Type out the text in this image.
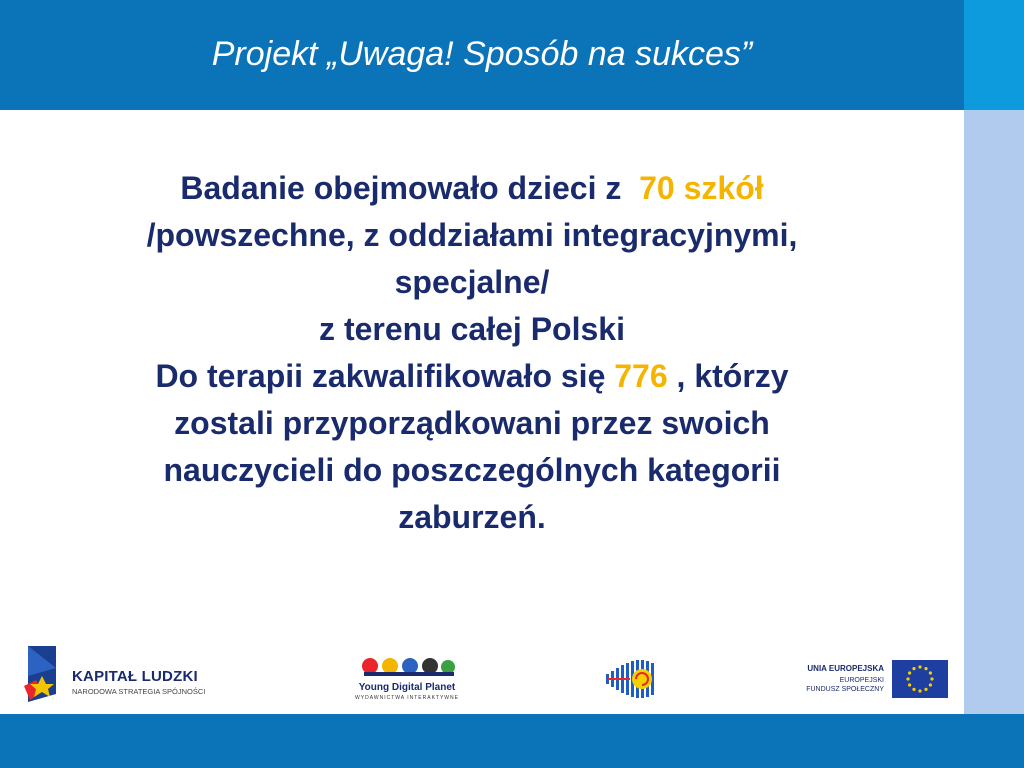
Projekt „Uwaga! Sposób na sukces”
Badanie obejmowało dzieci z 70 szkół
/powszechne, z oddziałami integracyjnymi,
specjalne/
z terenu całej Polski
Do terapii zakwalifikowało się 776 , którzy
zostali przyporządkowani przez swoich
nauczycieli do poszczególnych kategorii
zaburzeń.
KAPITAŁ LUDZKI
NARODOWA STRATEGIA SPÓJNOŚCI	Young Digital Planet
WYDAWNICTWA INTERAKTYWNE
UNIA EUROPEJSKA
EUROPEJSKI
FUNDUSZ SPOŁECZNY
